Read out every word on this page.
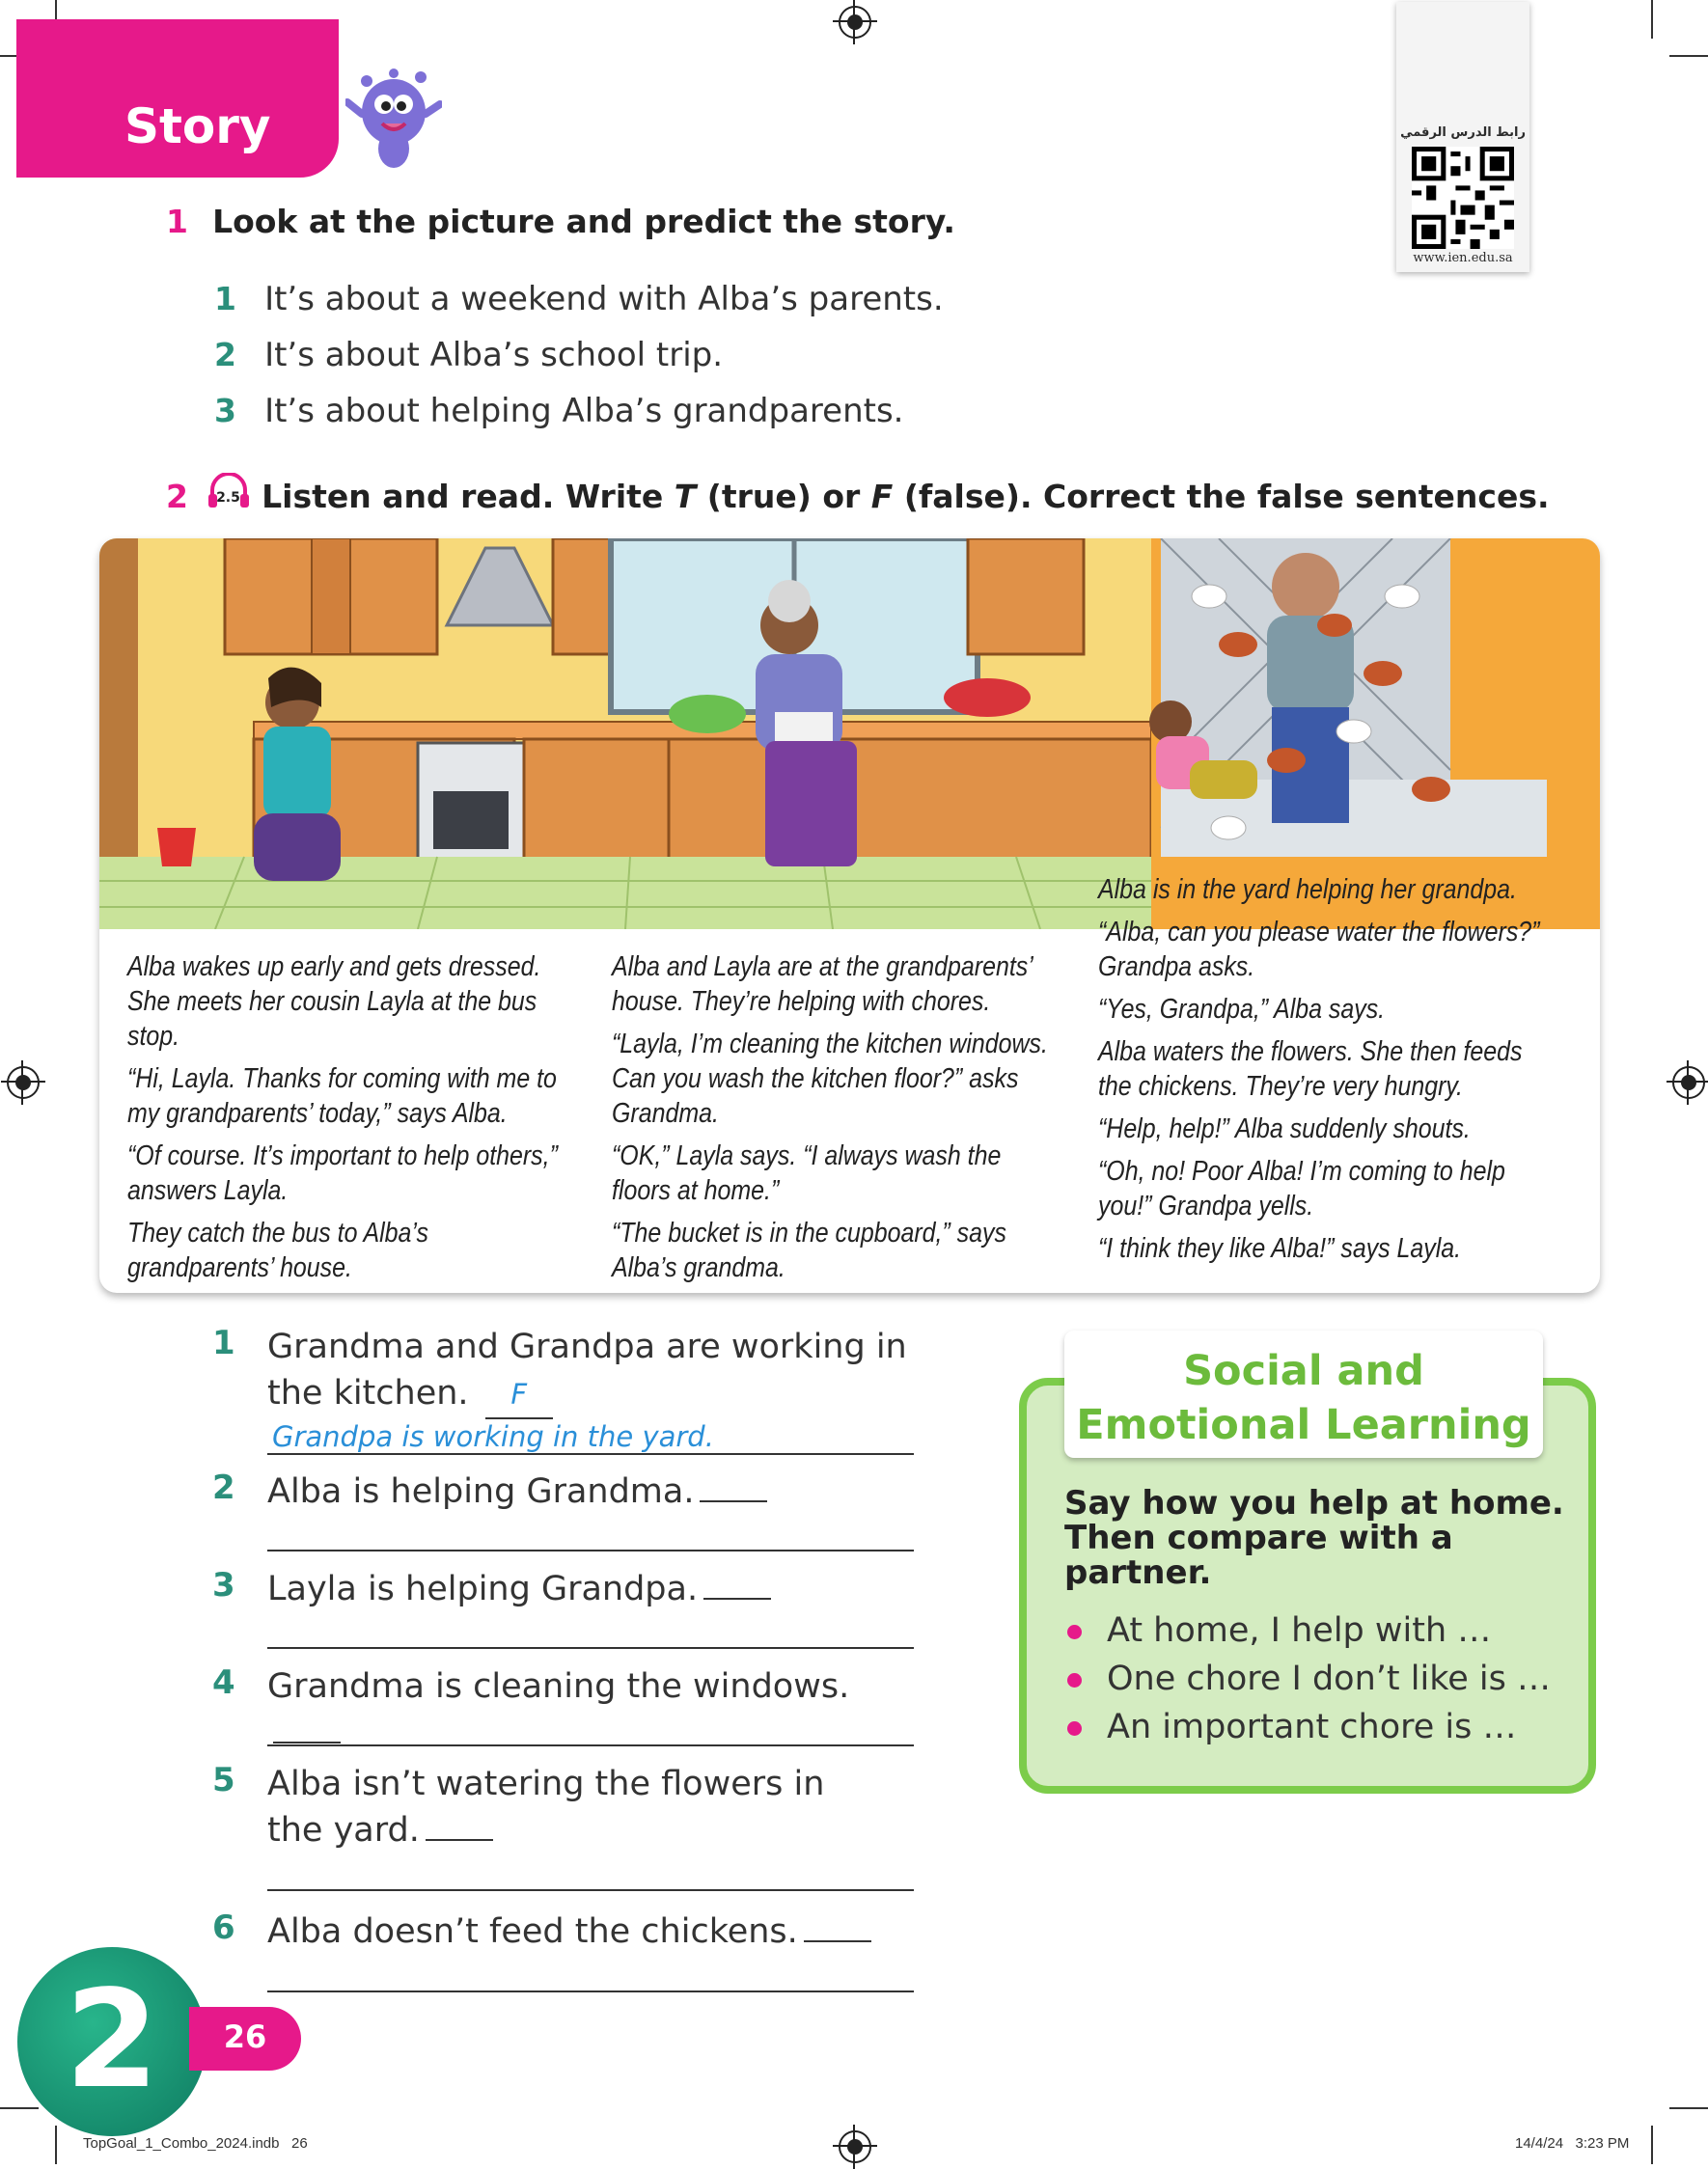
Story	رابط الدرس الرقمي
www.ien.edu.sa
1 Look at the picture and predict the story.
1 It’s about a weekend with Alba’s parents.
2 It’s about Alba’s school trip.
3 It’s about helping Alba’s grandparents.
2 2.5 Listen and read. Write T (true) or F (false). Correct the false sentences.

Alba wakes up early and gets dressed. She meets her cousin Layla at the bus stop.

“Hi, Layla. Thanks for coming with me to my grandparents’ today,” says Alba.

“Of course. It’s important to help others,” answers Layla.

They catch the bus to Alba’s grandparents’ house.

Alba and Layla are at the grandparents’ house. They’re helping with chores.

“Layla, I’m cleaning the kitchen windows. Can you wash the kitchen floor?” asks Grandma.

“OK,” Layla says. “I always wash the floors at home.”

“The bucket is in the cupboard,” says Alba’s grandma.

Alba is in the yard helping her grandpa.

“Alba, can you please water the flowers?” Grandpa asks.

“Yes, Grandpa,” Alba says.

Alba waters the flowers. She then feeds the chickens. They’re very hungry.

“Help, help!” Alba suddenly shouts.

“Oh, no! Poor Alba! I’m coming to help you!” Grandpa yells.

“I think they like Alba!” says Layla.

1 Grandma and Grandpa are working in
the kitchen. F
Grandpa is working in the yard.
2 Alba is helping Grandma.
3 Layla is helping Grandpa.
4 Grandma is cleaning the windows.
5 Alba isn’t watering the flowers in
the yard.
6 Alba doesn’t feed the chickens.
Social and
Emotional Learning
Say how you help at home. Then compare with a partner.
At home, I help with …
One chore I don’t like is …
An important chore is …
2	26
TopGoal_1_Combo_2024.indb   26	14/4/24   3:23 PM
